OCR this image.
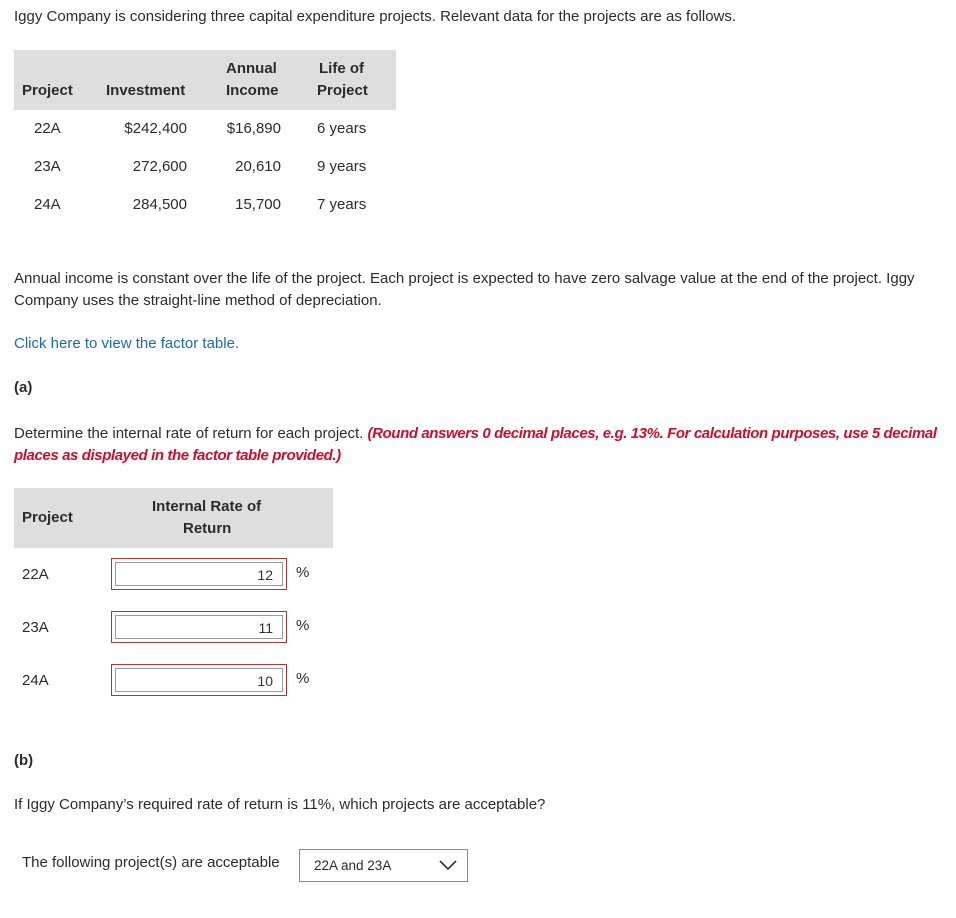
Iggy Company is considering three capital expenditure projects. Relevant data for the projects are as follows.
Project Investment
Annual
Income
Life of
Project
22A	$242,400	$16,890 6 years
23A	272,600	20,610 9 years
24A	284,500	15,700 7 years
Annual income is constant over the life of the project. Each project is expected to have zero salvage value at the end of the project. Iggy Company uses the straight-line method of depreciation.
Click here to view the factor table.
(a)
Determine the internal rate of return for each project. (Round answers 0 decimal places, e.g. 13%. For calculation purposes, use 5 decimal places as displayed in the factor table provided.)
Project
Internal Rate of
Return
22A	12	%
23A	11	%
24A	10	%
(b)
If Iggy Company’s required rate of return is 11%, which projects are acceptable?
The following project(s) are acceptable	22A and 23A
